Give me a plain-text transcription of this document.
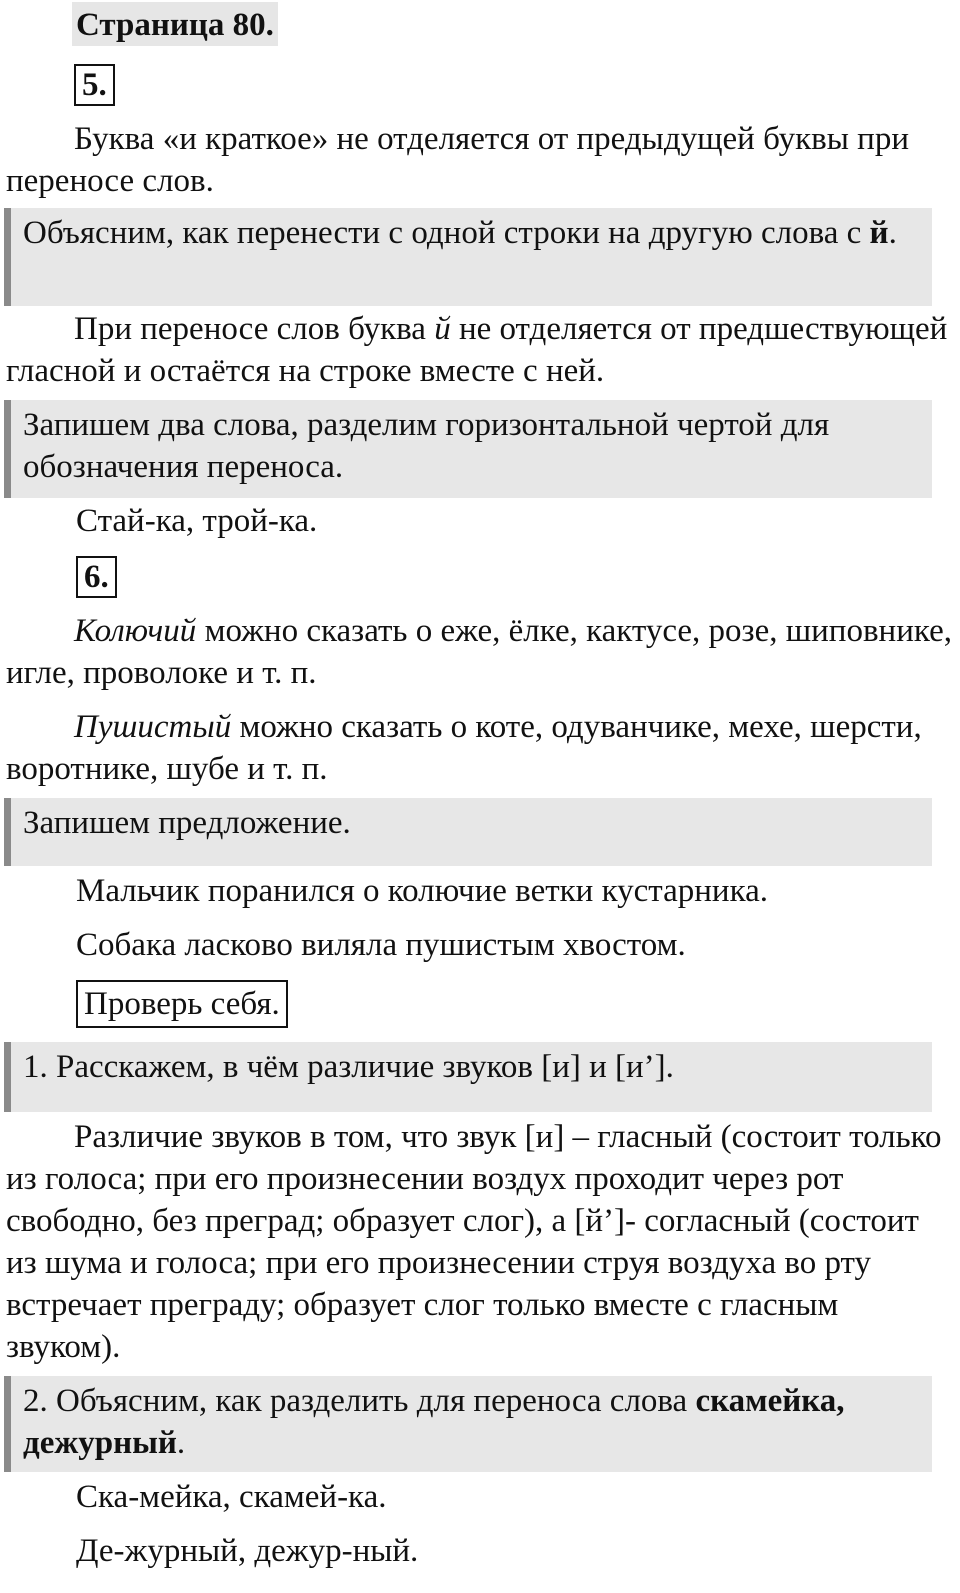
Страница 80.
5.

Буква «и краткое» не отделяется от предыдущей буквы при переносе слов.

Объясним, как перенести с одной строки на другую слова с й.

При переносе слов буква й не отделяется от предшествующей гласной и остаётся на строке вместе с ней.

Запишем два слова, разделим горизонтальной чертой для обозначения переноса.

Стай-ка, трой-ка.

6.

Колючий можно сказать о еже, ёлке, кактусе, розе, шиповнике, игле, проволоке и т. п.

Пушистый можно сказать о коте, одуванчике, мехе, шерсти, воротнике, шубе и т. п.

Запишем предложение.

Мальчик поранился о колючие ветки кустарника.

Собака ласково виляла пушистым хвостом.

Проверь себя.
1. Расскажем, в чём различие звуков [и] и [и’].

Различие звуков в том, что звук [и] – гласный (состоит только из голоса; при его произнесении воздух проходит через рот свободно, без преград; образует слог), а [й’]- согласный (состоит из шума и голоса; при его произнесении струя воздуха во рту встречает преграду; образует слог только вместе с гласным звуком).

2. Объясним, как разделить для переноса слова скамейка, дежурный.

Ска-мейка, скамей-ка.

Де-журный, дежур-ный.
